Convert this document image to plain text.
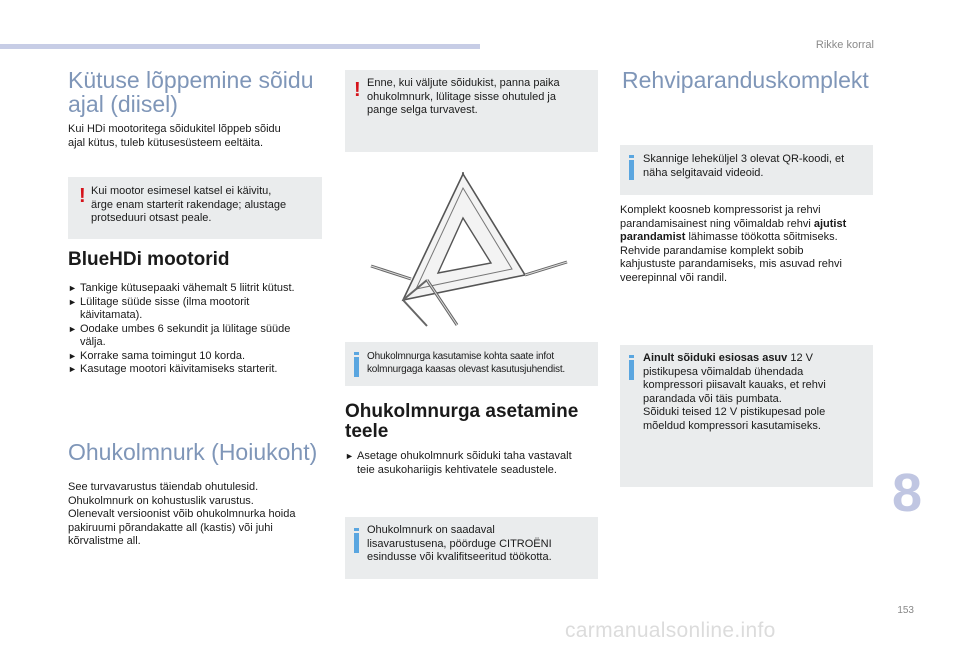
Rikke korral
Kütuse lõppemine sõidu
ajal (diisel)
Kui HDi mootoritega sõidukitel lõppeb sõidu
ajal kütus, tuleb kütusesüsteem eeltäita.
! Kui mootor esimesel katsel ei käivitu,
ärge enam starterit rakendage; alustage
protseduuri otsast peale.
BlueHDi mootorid
► Tankige kütusepaaki vähemalt 5 liitrit kütust.
► Lülitage süüde sisse (ilma mootorit
käivitamata).
► Oodake umbes 6 sekundit ja lülitage süüde
välja.
► Korrake sama toimingut 10 korda.
► Kasutage mootori käivitamiseks starterit.
Ohukolmnurk (Hoiukoht)
See turvavarustus täiendab ohutulesid.
Ohukolmnurk on kohustuslik varustus.
Olenevalt versioonist võib ohukolmnurka hoida
pakiruumi põrandakatte all (kastis) või juhi
kõrvalistme all.
! Enne, kui väljute sõidukist, panna paika
ohukolmnurk, lülitage sisse ohutuled ja
pange selga turvavest.
Ohukolmnurga kasutamise kohta saate infot
kolmnurgaga kaasas olevast kasutusjuhendist.
Ohukolmnurga asetamine
teele
► Asetage ohukolmnurk sõiduki taha vastavalt
teie asukohariigis kehtivatele seadustele.
Ohukolmnurk on saadaval
lisavarustusena, pöörduge CITROËNI
esindusse või kvalifitseeritud töökotta.
Rehviparanduskomplekt
Skannige leheküljel 3 olevat QR-koodi, et
näha selgitavaid videoid.
Komplekt koosneb kompressorist ja rehvi
parandamisainest ning võimaldab rehvi ajutist
parandamist lähimasse töökotta sõitmiseks.
Rehvide parandamise komplekt sobib
kahjustuste parandamiseks, mis asuvad rehvi
veerepinnal või randil.
Ainult sõiduki esiosas asuv 12 V
pistikupesa võimaldab ühendada
kompressori piisavalt kauaks, et rehvi
parandada või täis pumbata.
Sõiduki teised 12 V pistikupesad pole
mõeldud kompressori kasutamiseks.
8
153
carmanualsonline.info
